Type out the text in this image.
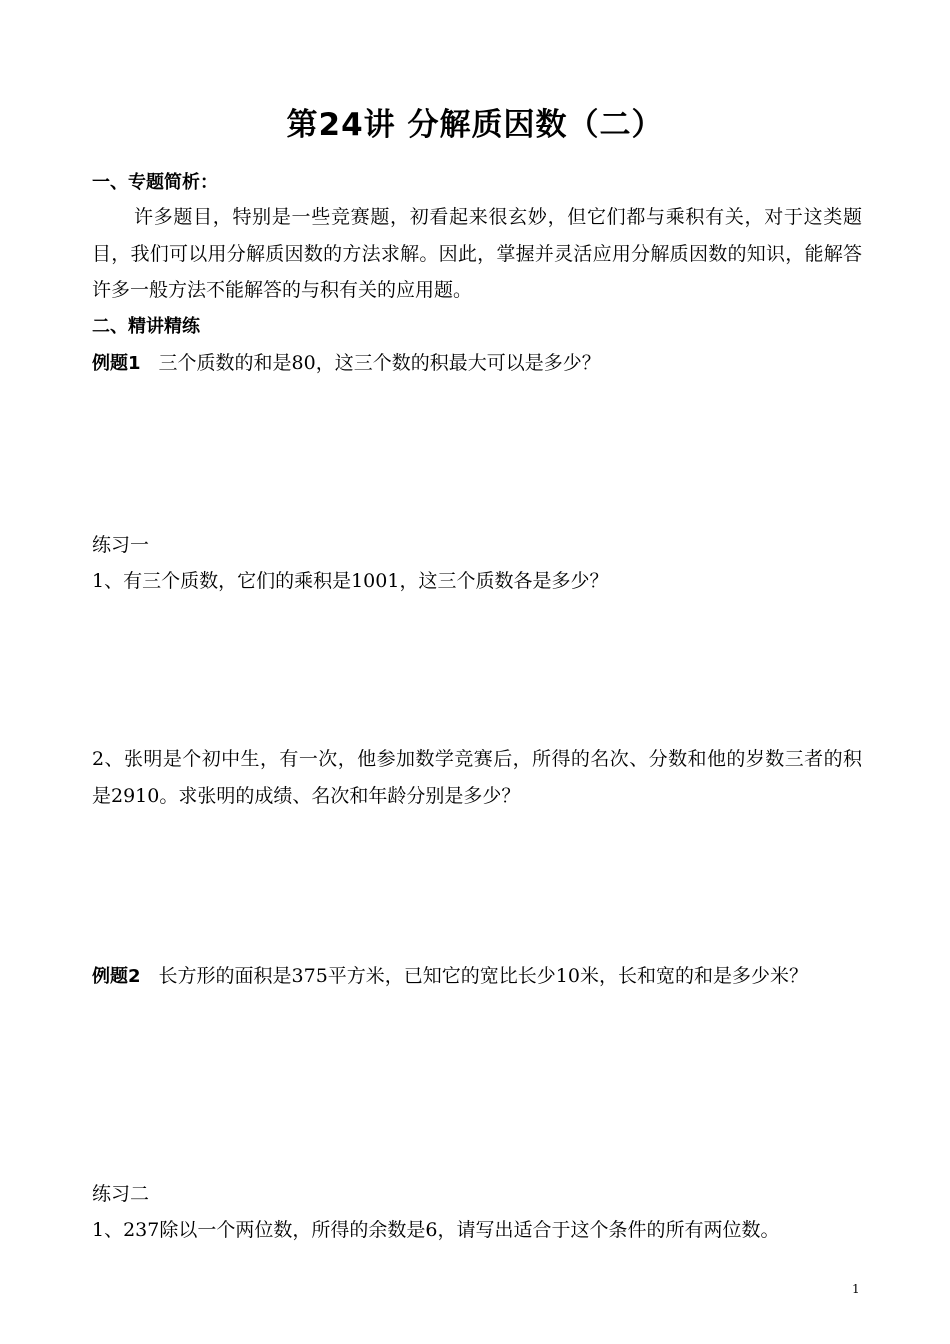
第24讲 分解质因数（二）
一、专题简析：
许多题目，特别是一些竞赛题，初看起来很玄妙，但它们都与乘积有关，对于这类题目，我们可以用分解质因数的方法求解。因此，掌握并灵活应用分解质因数的知识，能解答许多一般方法不能解答的与积有关的应用题。
二、精讲精练
例题1 三个质数的和是80，这三个数的积最大可以是多少？
练习一
1、有三个质数，它们的乘积是1001，这三个质数各是多少？
2、张明是个初中生，有一次，他参加数学竞赛后，所得的名次、分数和他的岁数三者的积是2910。求张明的成绩、名次和年龄分别是多少？
例题2 长方形的面积是375平方米，已知它的宽比长少10米，长和宽的和是多少米？
练习二
1、237除以一个两位数，所得的余数是6，请写出适合于这个条件的所有两位数。
1
